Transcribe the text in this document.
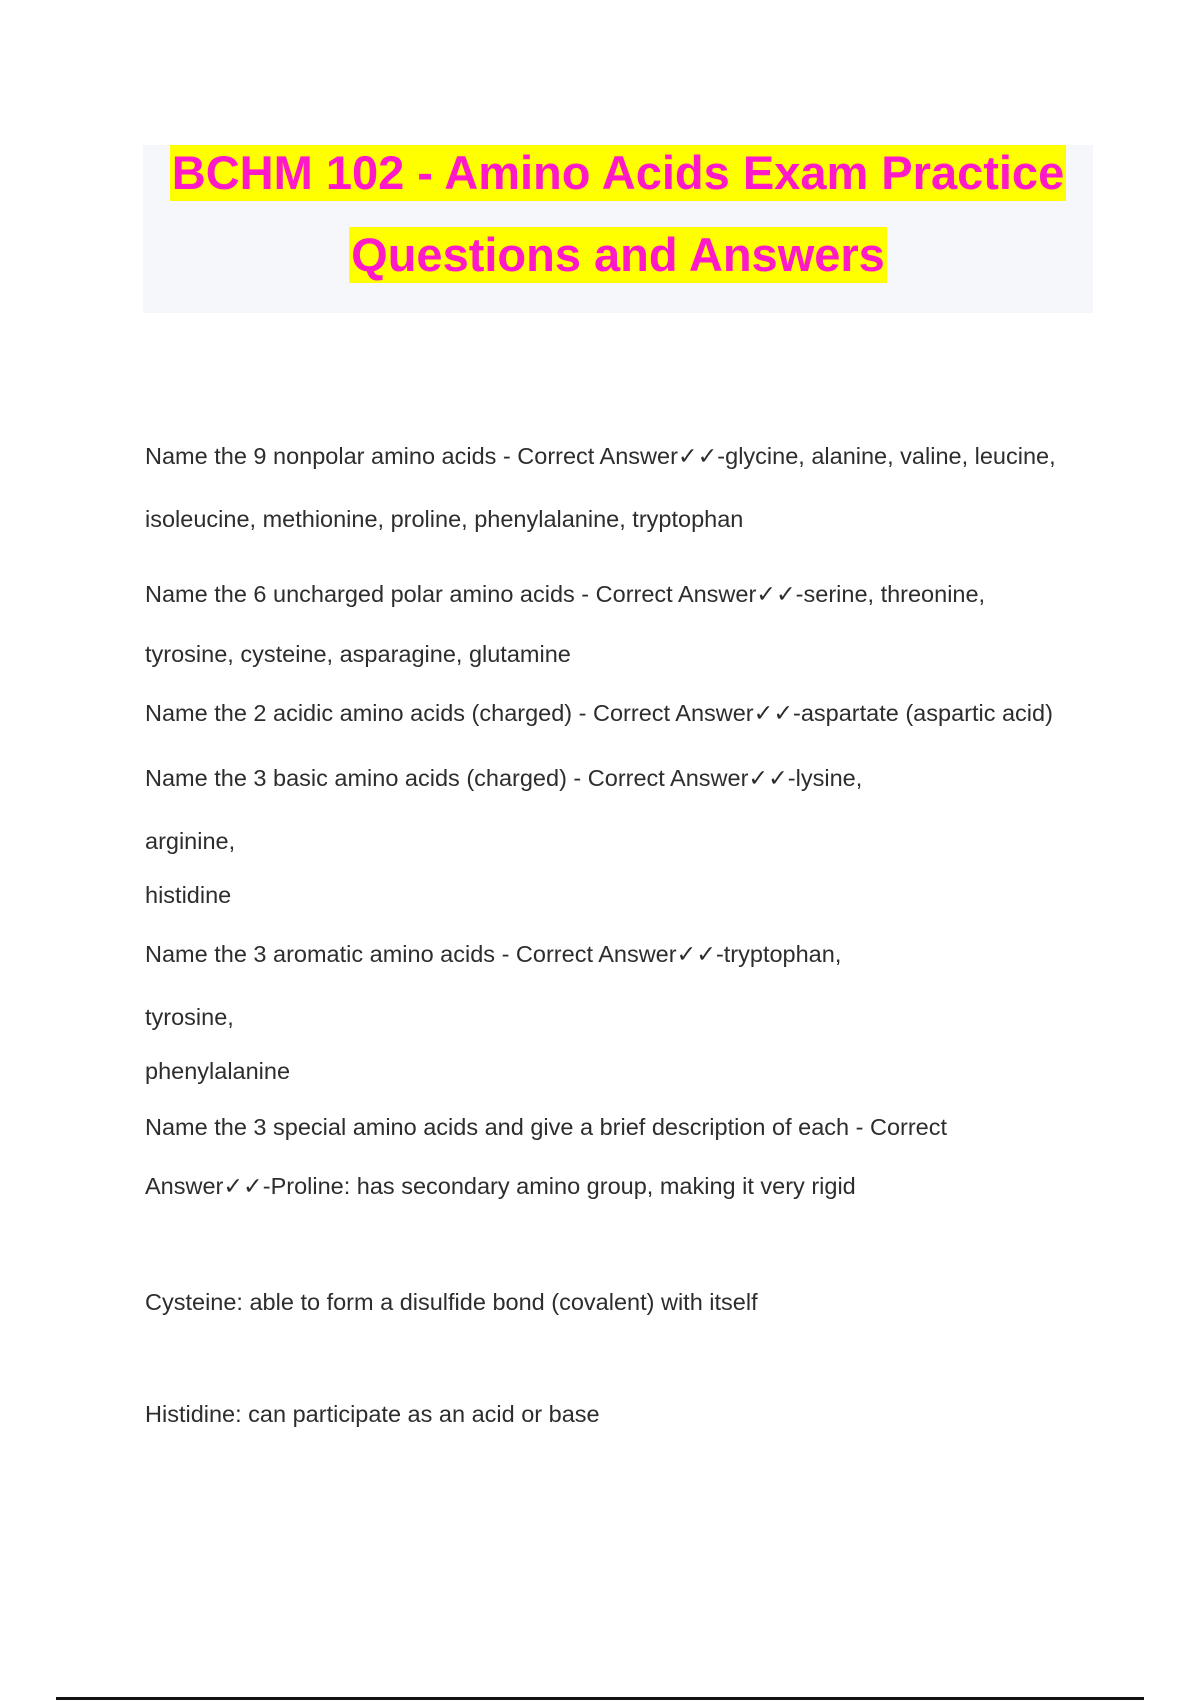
BCHM 102 - Amino Acids Exam Practice
Questions and Answers
Name the 9 nonpolar amino acids - Correct Answer✓✓-glycine, alanine, valine, leucine,
isoleucine, methionine, proline, phenylalanine, tryptophan
Name the 6 uncharged polar amino acids - Correct Answer✓✓-serine, threonine,
tyrosine, cysteine, asparagine, glutamine
Name the 2 acidic amino acids (charged) - Correct Answer✓✓-aspartate (aspartic acid)
Name the 3 basic amino acids (charged) - Correct Answer✓✓-lysine,
arginine,
histidine
Name the 3 aromatic amino acids - Correct Answer✓✓-tryptophan,
tyrosine,
phenylalanine
Name the 3 special amino acids and give a brief description of each - Correct
Answer✓✓-Proline: has secondary amino group, making it very rigid
Cysteine: able to form a disulfide bond (covalent) with itself
Histidine: can participate as an acid or base
